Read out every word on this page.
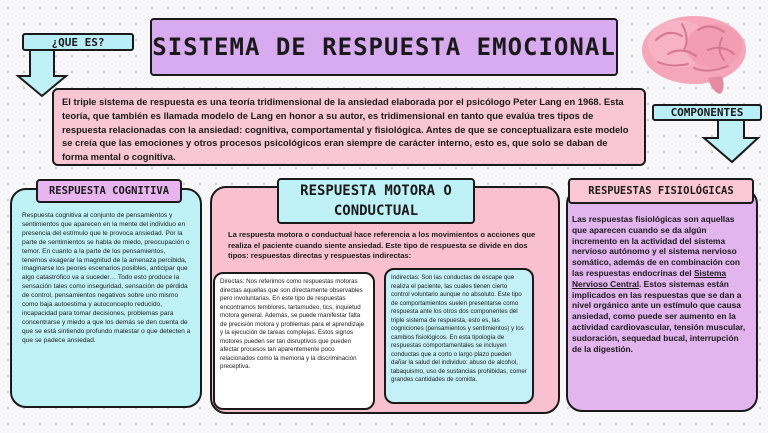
SISTEMA DE RESPUESTA EMOCIONAL
¿QUE ES?
COMPONENTES
El triple sistema de respuesta es una teoría tridimensional de la ansiedad elaborada por el psicólogo Peter Lang en 1968. Esta teoría, que también es llamada modelo de Lang en honor a su autor, es tridimensional en tanto que evalúa tres tipos de respuesta relacionadas con la ansiedad: cognitiva, comportamental y fisiológica. Antes de que se conceptualizara este modelo se creía que las emociones y otros procesos psicológicos eran siempre de carácter interno, esto es, que solo se daban de forma mental o cognitiva.
RESPUESTA COGNITIVA
Respuesta cognitiva al conjunto de pensamientos y sentimientos que aparecen en la mente del individuo en presencia del estímulo que le provoca ansiedad. Por la parte de sentimientos se habla de miedo, preocupación o temor. En cuanto a la parte de los pensamientos, tenemos exagerar la magnitud de la amenaza percibida, imaginarse los peores escenarios posibles, anticipar que algo catastrófico va a suceder… Todo esto produce la sensación tales como inseguridad, sensación de pérdida de control, pensamientos negativos sobre uno mismo como baja autoestima y autoconcepto reducido, incapacidad para tomar decisiones, problemas para concentrarse y miedo a que los demás se den cuenta de que se está sintiendo profundo malestar o que detecten a que se padece ansiedad.
RESPUESTA MOTORA O CONDUCTUAL
La respuesta motora o conductual hace referencia a los movimientos o acciones que realiza el paciente cuando siente ansiedad. Este tipo de respuesta se divide en dos tipos: respuestas directas y respuestas indirectas:
Directas: Nos referimos como respuestas motoras directas aquellas que son directamente observables pero involuntarias. En este tipo de respuestas encontramos temblores, tartamudeo, tics, inquietud motora general. Además, se puede manifestar falta de precisión motora y problemas para el aprendizaje y la ejecución de tareas complejas. Estos signos motores pueden ser tan disruptivos que pueden afectar procesos tan aparentemente poco relacionados como la memoria y la discriminación preceptiva.
Indirectas: Son las conductas de escape que realiza el paciente, las cuales tienen cierto control voluntario aunque no absoluto. Este tipo de comportamientos suelen presentarse como respuesta ante los otros dos componentes del triple sistema de respuesta, esto es, las cogniciones (pensamientos y sentimientos) y los cambios fisiológicos. En esta tipología de respuestas comportamentales se incluyen conductas que a corto o largo plazo pueden dañar la salud del individuo: abuso de alcohol, tabaquismo, uso de sustancias prohibidas, comer grandes cantidades de comida.
RESPUESTAS FISIOLÓGICAS
Las respuestas fisiológicas son aquellas que aparecen cuando se da algún incremento en la actividad del sistema nervioso autónomo y el sistema nervioso somático, además de en combinación con las respuestas endocrinas del Sistema Nervioso Central. Estos sistemas están implicados en las respuestas que se dan a nivel orgánico ante un estímulo que causa ansiedad, como puede ser aumento en la actividad cardiovascular, tensión muscular, sudoración, sequedad bucal, interrupción de la digestión.
